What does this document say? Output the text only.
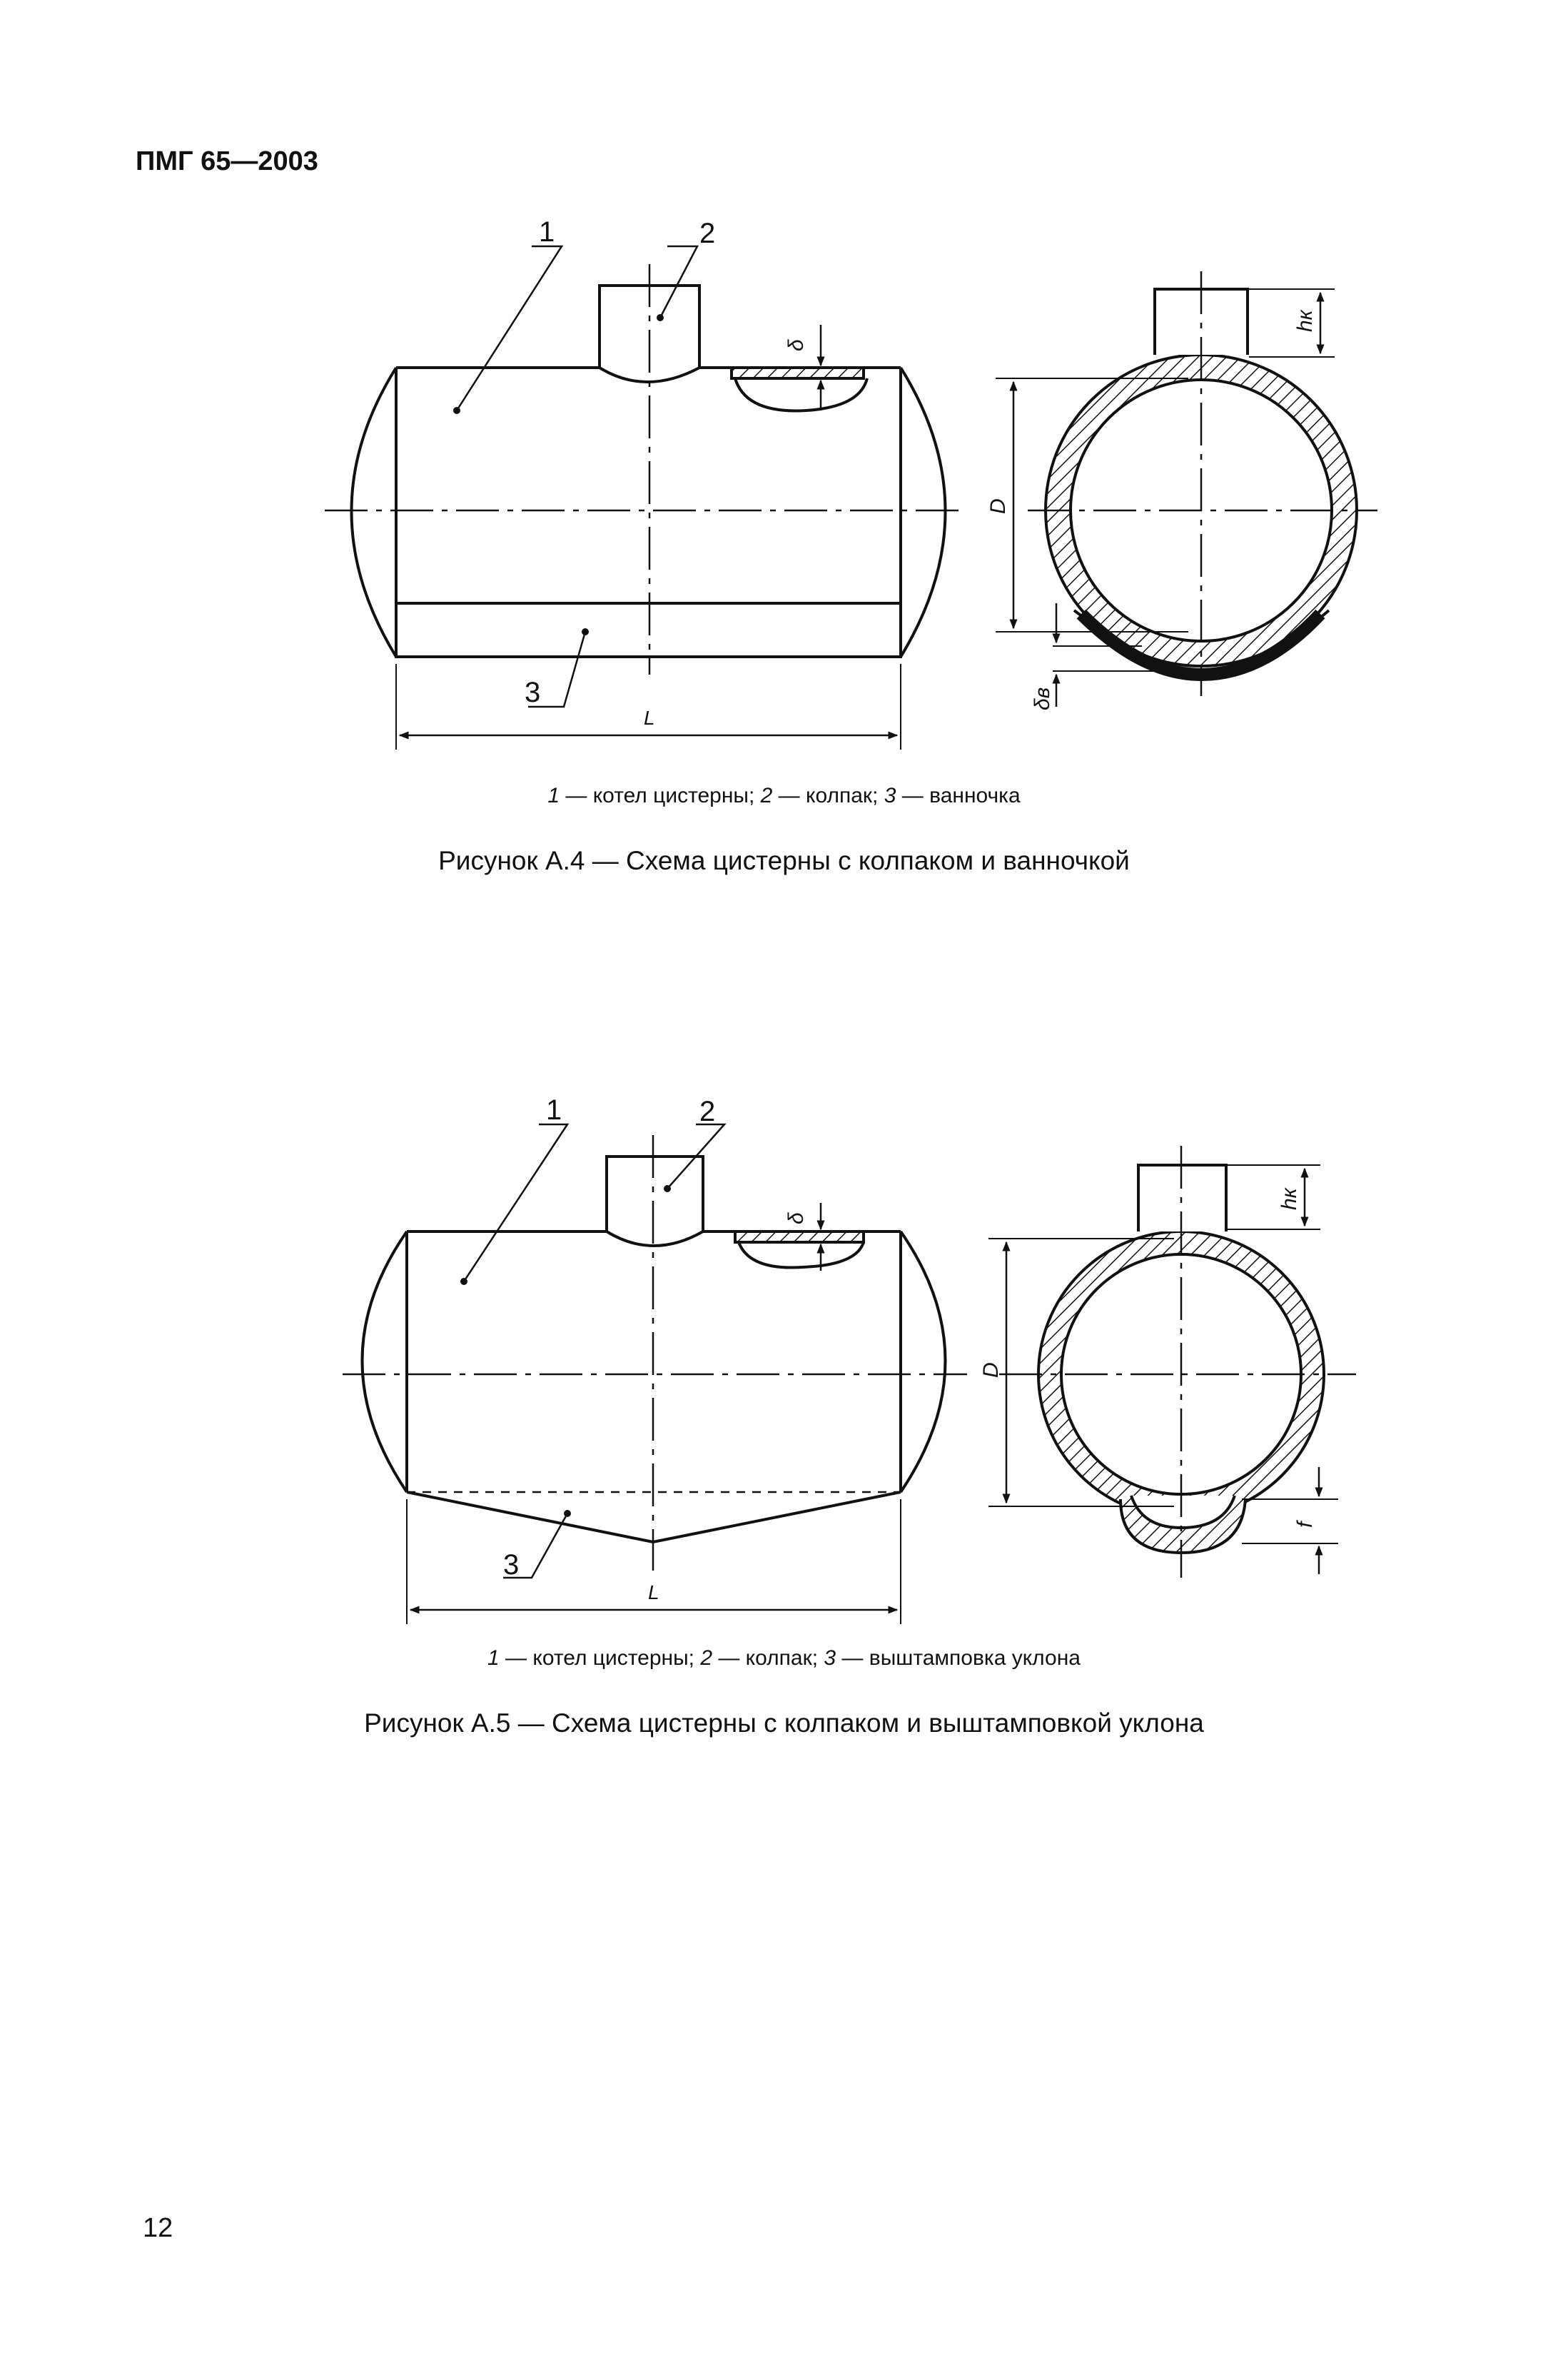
ПМГ 65—2003
1	2
3
L
δ
D
δв
hк
1	2
3
L
δ
D
f
hк
1 — котел цистерны; 2 — колпак; 3 — ванночка
Рисунок А.4 — Схема цистерны с колпаком и ванночкой
1 — котел цистерны; 2 — колпак; 3 — выштамповка уклона
Рисунок А.5 — Схема цистерны с колпаком и выштамповкой уклона
12
